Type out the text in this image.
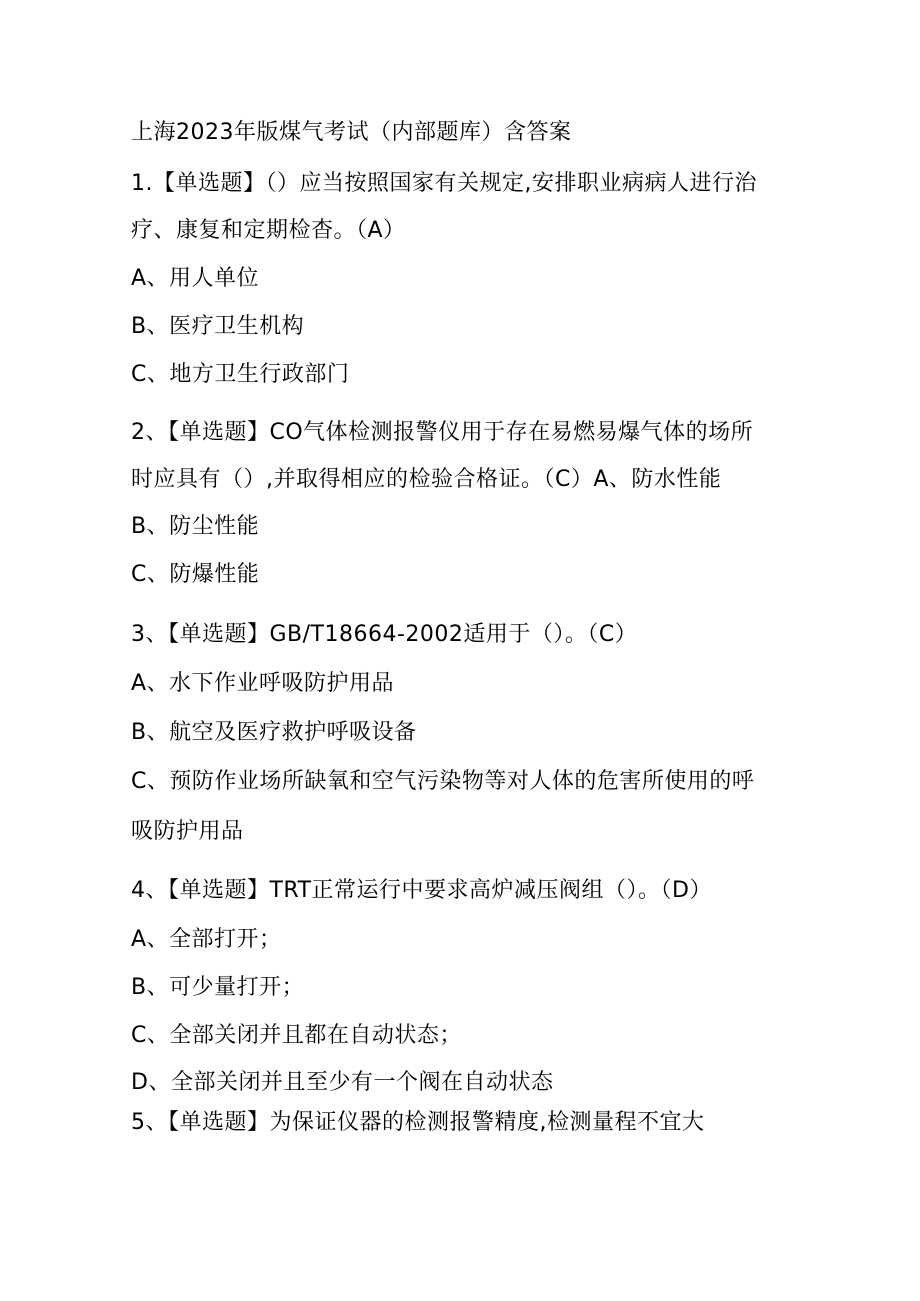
上海2023年版煤气考试（内部题库）含答案
1.【单选题】（）应当按照国家有关规定,安排职业病病人进行治
疗、康复和定期检杳。（A）
A、用人单位
B、医疗卫生机构
C、地方卫生行政部门
2、【单选题】CO气体检测报警仪用于存在易燃易爆气体的场所
时应具有（）,并取得相应的检验合格证。（C）A、防水性能
B、防尘性能
C、防爆性能
3、【单选题】GB/T18664-2002适用于（）。（C）
A、水下作业呼吸防护用品
B、航空及医疗救护呼吸设备
C、预防作业场所缺氧和空气污染物等对人体的危害所使用的呼
吸防护用品
4、【单选题】TRT正常运行中要求高炉减压阀组（）。（D）
A、全部打开；
B、可少量打开；
C、全部关闭并且都在自动状态；
D、全部关闭并且至少有一个阀在自动状态
5、【单选题】为保证仪器的检测报警精度,检测量程不宜大
